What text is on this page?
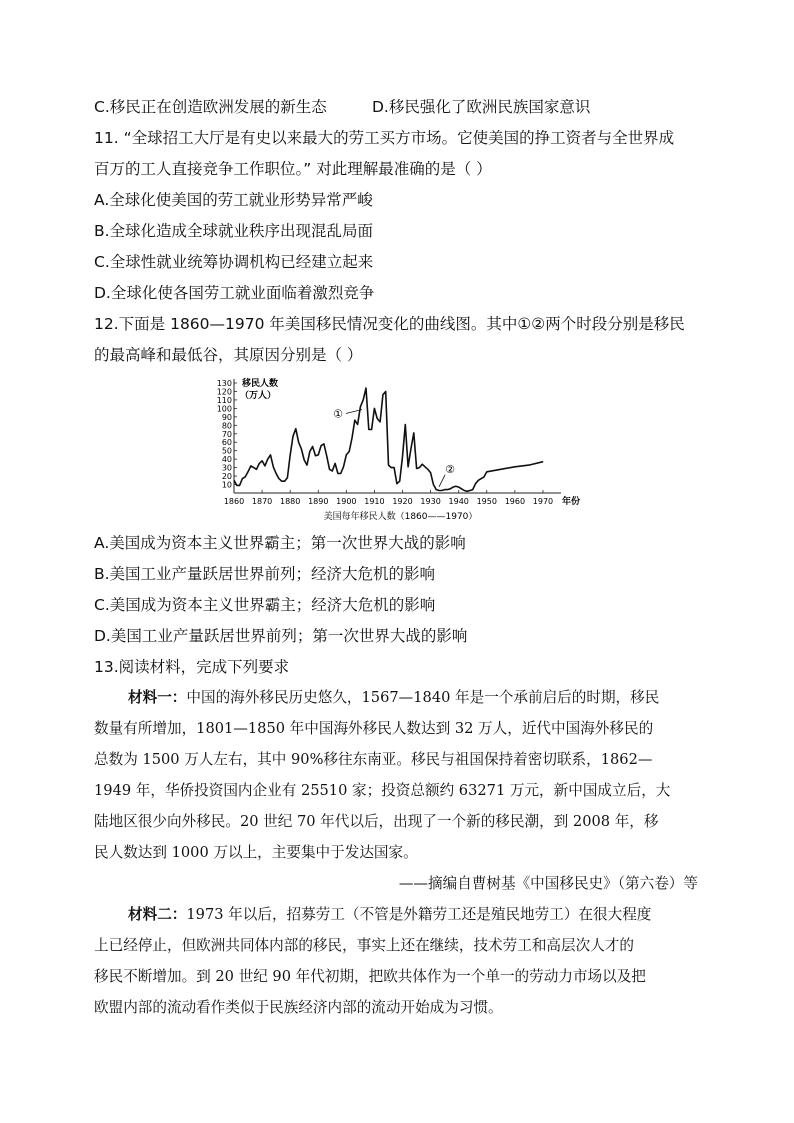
C.移民正在创造欧洲发展的新生态	D.移民强化了欧洲民族国家意识
11. “全球招工大厅是有史以来最大的劳工买方市场。它使美国的挣工资者与全世界成
百万的工人直接竞争工作职位。” 对此理解最准确的是（ ）
A.全球化使美国的劳工就业形势异常严峻
B.全球化造成全球就业秩序出现混乱局面
C.全球性就业统筹协调机构已经建立起来
D.全球化使各国劳工就业面临着激烈竞争
12.下面是 1860—1970 年美国移民情况变化的曲线图。其中①②两个时段分别是移民
的最高峰和最低谷，其原因分别是（ ）
10
20
30
40
50
60
70
80
90
100
110
120
130
1860 1870 1880 1890 1900 1910 1920 1930 1940 1950 1960 1970
①
②
移民人数
（万人）
年份
美国每年移民人数（1860——1970）
A.美国成为资本主义世界霸主；第一次世界大战的影响
B.美国工业产量跃居世界前列；经济大危机的影响
C.美国成为资本主义世界霸主；经济大危机的影响
D.美国工业产量跃居世界前列；第一次世界大战的影响
13.阅读材料，完成下列要求
材料一：中国的海外移民历史悠久，1567—1840 年是一个承前启后的时期，移民
数量有所增加，1801—1850 年中国海外移民人数达到 32 万人，近代中国海外移民的
总数为 1500 万人左右，其中 90%移往东南亚。移民与祖国保持着密切联系，1862—
1949 年，华侨投资国内企业有 25510 家；投资总额约 63271 万元，新中国成立后，大
陆地区很少向外移民。20 世纪 70 年代以后，出现了一个新的移民潮，到 2008 年，移
民人数达到 1000 万以上，主要集中于发达国家。
——摘编自曹树基《中国移民史》（第六卷）等
材料二：1973 年以后，招募劳工（不管是外籍劳工还是殖民地劳工）在很大程度
上已经停止，但欧洲共同体内部的移民，事实上还在继续，技术劳工和高层次人才的
移民不断增加。到 20 世纪 90 年代初期，把欧共体作为一个单一的劳动力市场以及把
欧盟内部的流动看作类似于民族经济内部的流动开始成为习惯。
